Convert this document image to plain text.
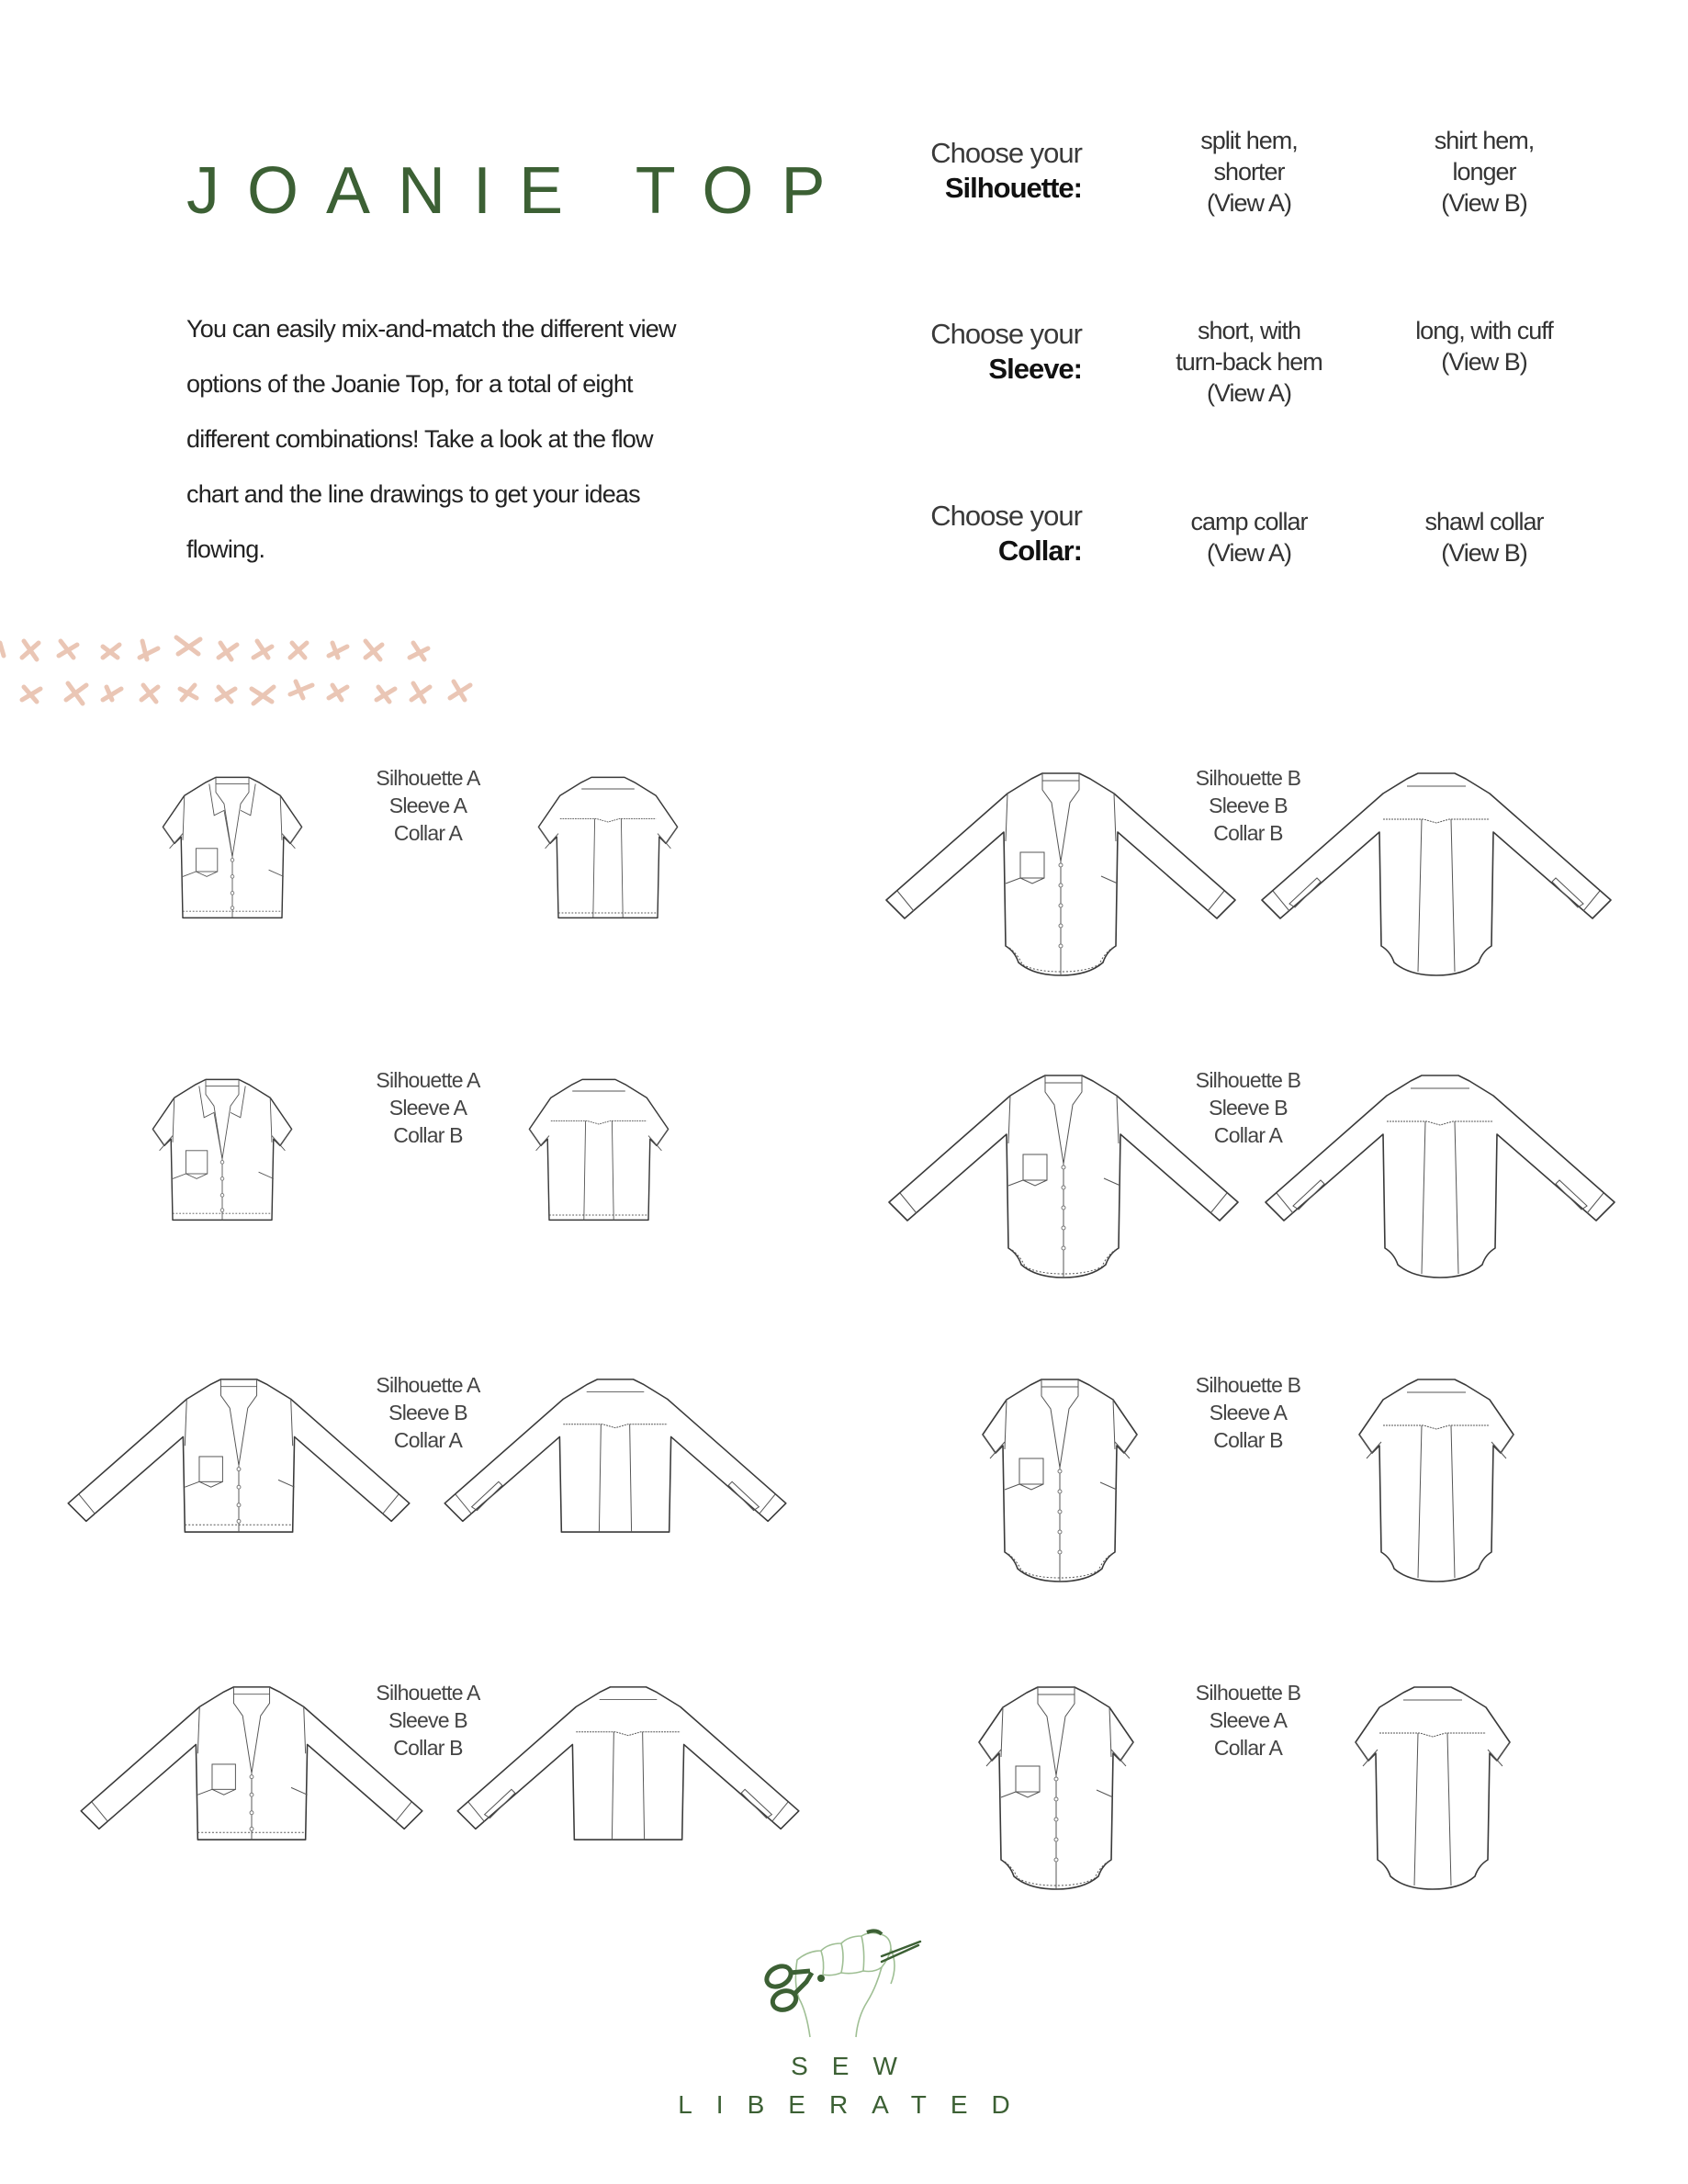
JOANIE TOP
You can easily mix-and-match the different view
options of the Joanie Top, for a total of eight
different combinations! Take a look at the flow
chart and the line drawings to get your ideas
flowing.
Choose your
Silhouette:
split hem,
shorter
(View A)
shirt hem,
longer
(View B)
Choose your
Sleeve:
short, with
turn-back hem
(View A)
long, with cuff
(View B)
Choose your
Collar:
camp collar
(View A)
shawl collar
(View B)
Silhouette A
Sleeve A
Collar A
Silhouette B
Sleeve B
Collar B
Silhouette A
Sleeve A
Collar B
Silhouette B
Sleeve B
Collar A
Silhouette A
Sleeve B
Collar A
Silhouette B
Sleeve A
Collar B
Silhouette A
Sleeve B
Collar B
Silhouette B
Sleeve A
Collar A
SEW
LIBERATED
